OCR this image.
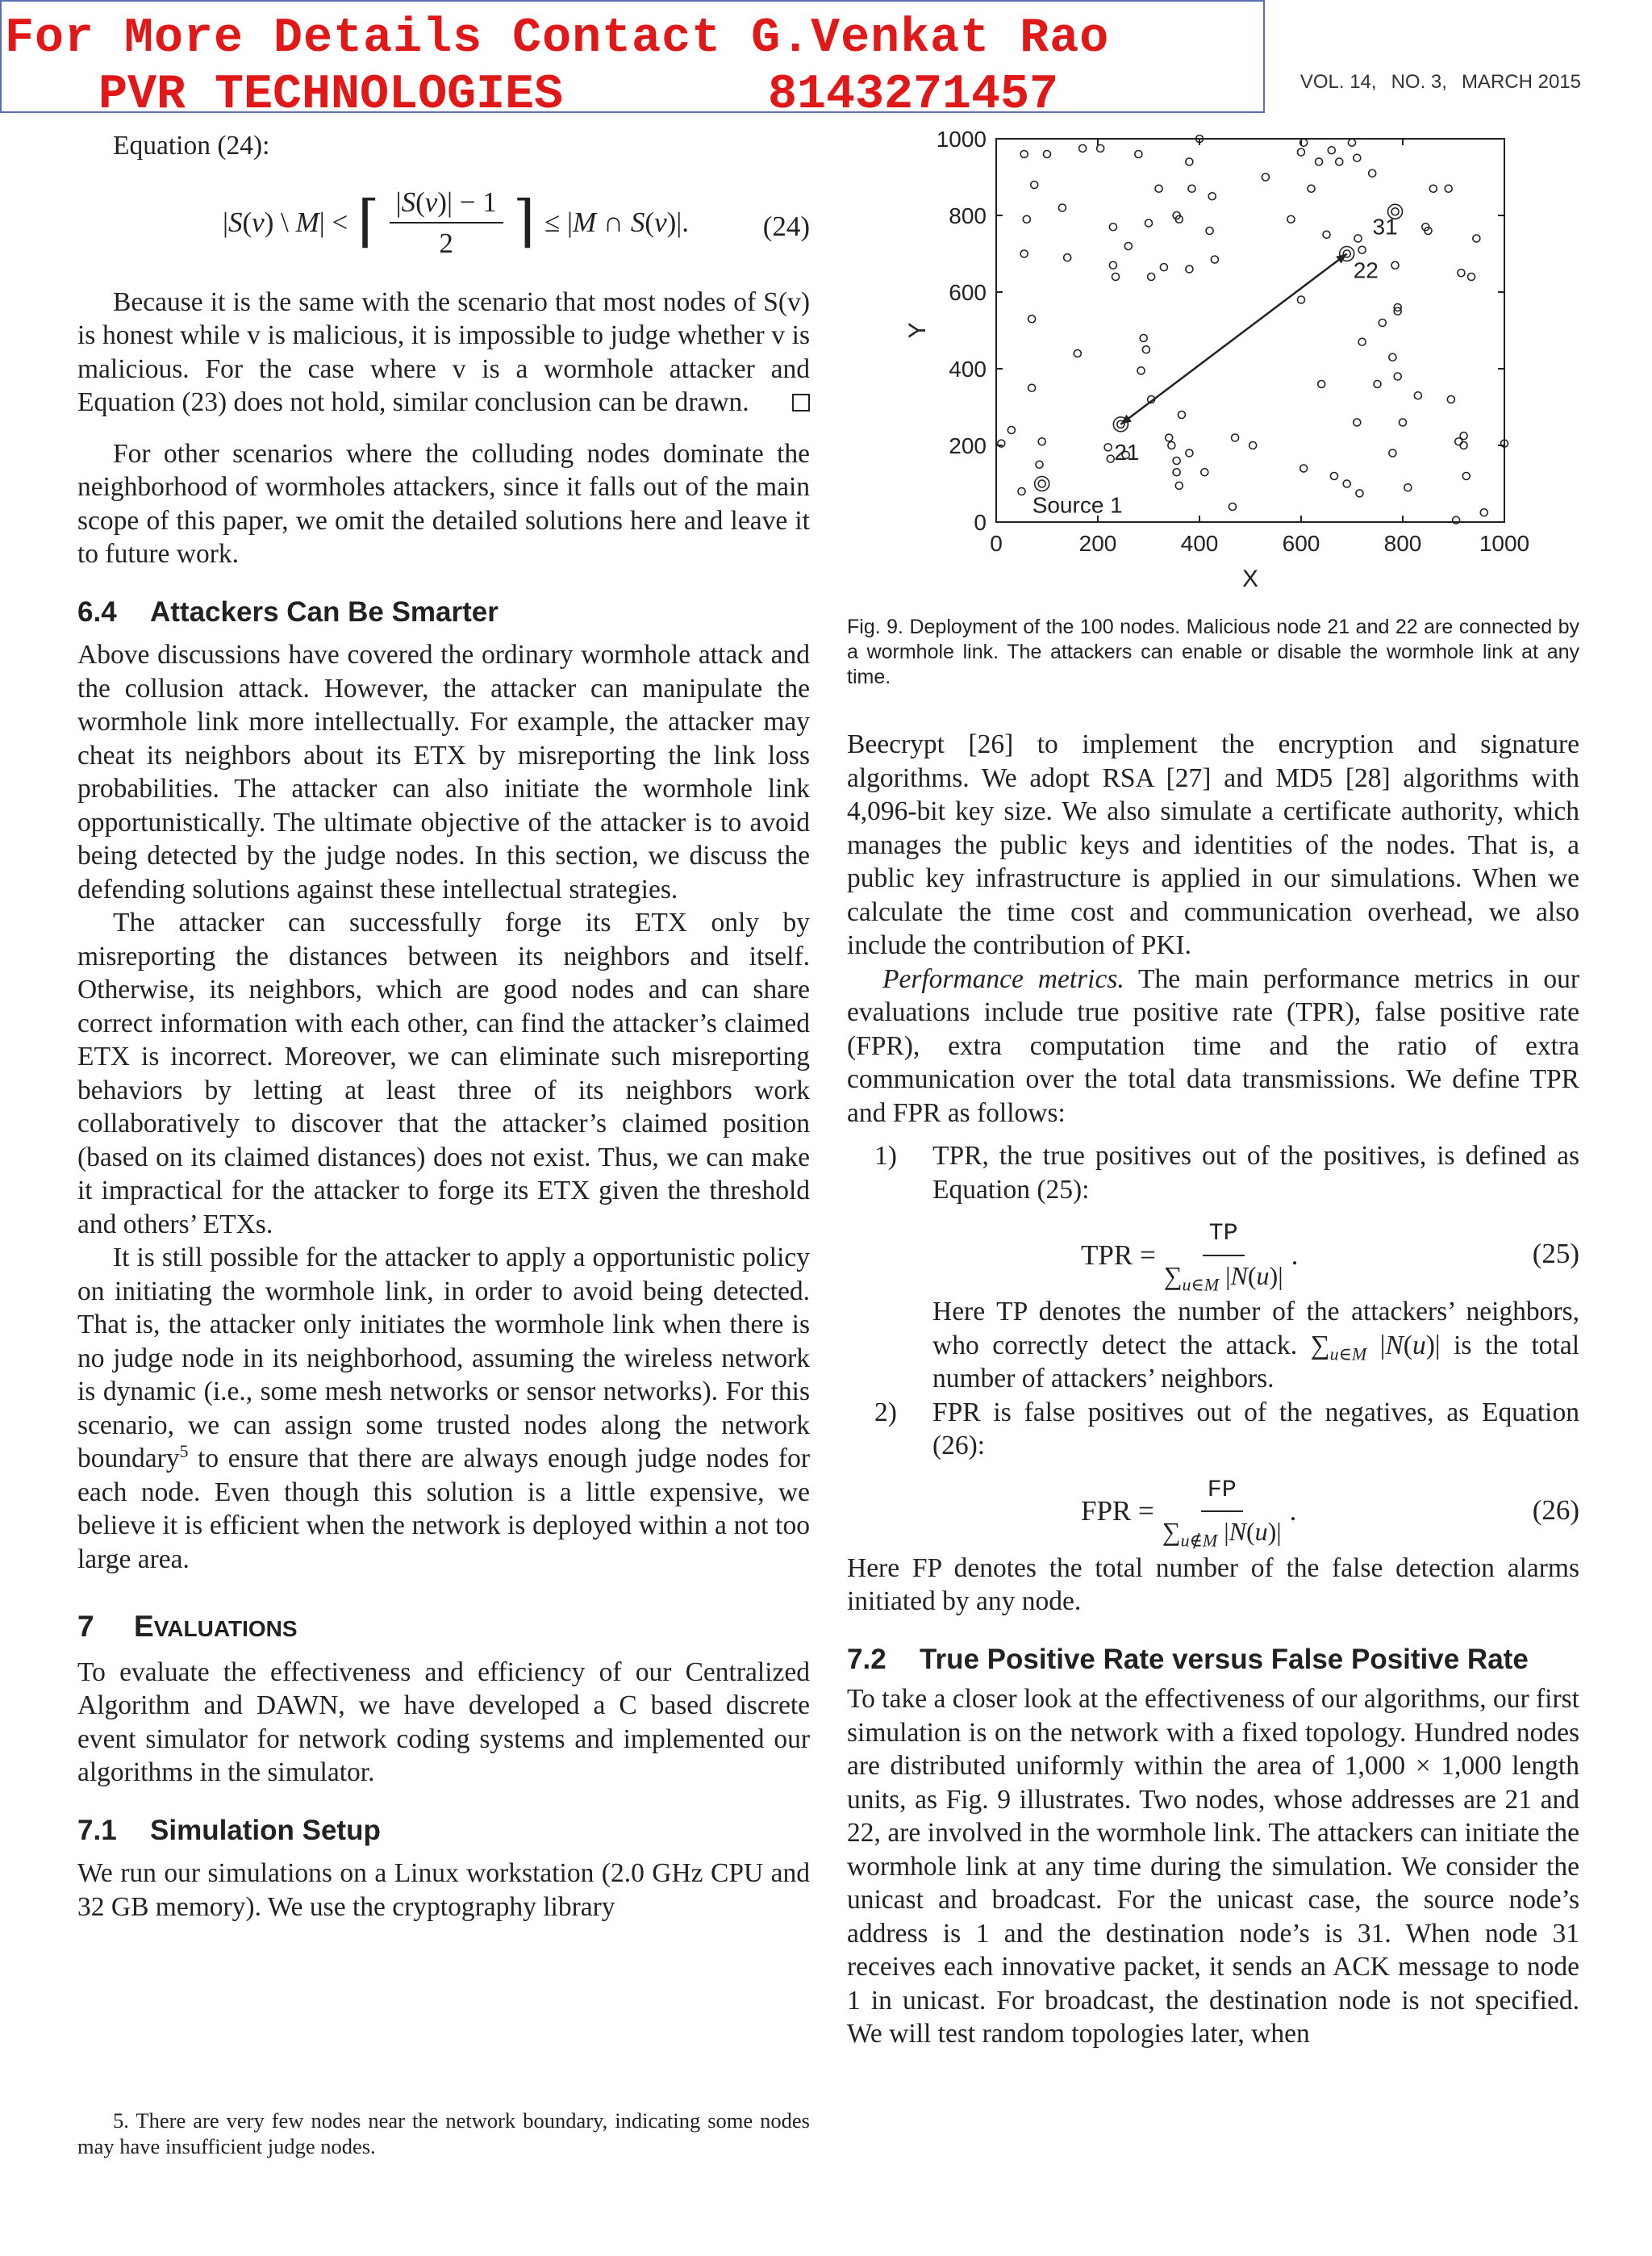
For More Details Contact G.Venkat Rao
PVR TECHNOLOGIES	8143271457	VOL. 14, NO. 3, MARCH 2015

Equation (24):

|S(v) \ M| < ⌈ $\frac{|S(v)| - 1}{2}$ ⌉ ≤ |M ∩ S(v)|.	(24)

Because it is the same with the scenario that most nodes of S(v) is honest while v is malicious, it is impossible to judge whether v is malicious. For the case where v is a wormhole attacker and Equation (23) does not hold, similar conclusion can be drawn.

For other scenarios where the colluding nodes dominate the neighborhood of wormholes attackers, since it falls out of the main scope of this paper, we omit the detailed solutions here and leave it to future work.

6.4 Attackers Can Be Smarter

Above discussions have covered the ordinary wormhole attack and the collusion attack. However, the attacker can manipulate the wormhole link more intellectually. For example, the attacker may cheat its neighbors about its ETX by misreporting the link loss probabilities. The attacker can also initiate the wormhole link opportunistically. The ultimate objective of the attacker is to avoid being detected by the judge nodes. In this section, we discuss the defending solutions against these intellectual strategies.

The attacker can successfully forge its ETX only by misreporting the distances between its neighbors and itself. Otherwise, its neighbors, which are good nodes and can share correct information with each other, can find the attacker’s claimed ETX is incorrect. Moreover, we can eliminate such misreporting behaviors by letting at least three of its neighbors work collaboratively to discover that the attacker’s claimed position (based on its claimed distances) does not exist. Thus, we can make it impractical for the attacker to forge its ETX given the threshold and others’ ETXs.

It is still possible for the attacker to apply a opportunistic policy on initiating the wormhole link, in order to avoid being detected. That is, the attacker only initiates the wormhole link when there is no judge node in its neighborhood, assuming the wireless network is dynamic (i.e., some mesh networks or sensor networks). For this scenario, we can assign some trusted nodes along the network boundary$^5$ to ensure that there are always enough judge nodes for each node. Even though this solution is a little expensive, we believe it is efficient when the network is deployed within a not too large area.

7 EVALUATIONS

To evaluate the effectiveness and efficiency of our Centralized Algorithm and DAWN, we have developed a C based discrete event simulator for network coding systems and implemented our algorithms in the simulator.

7.1 Simulation Setup

We run our simulations on a Linux workstation (2.0 GHz CPU and 32 GB memory). We use the cryptography library

5. There are very few nodes near the network boundary, indicating some nodes may have insufficient judge nodes.
0	200	400	600	800	1000
0
200
400
600
800
1000
X
Y
31
22
21
Source 1
Fig. 9. Deployment of the 100 nodes. Malicious node 21 and 22 are connected by a wormhole link. The attackers can enable or disable the wormhole link at any time.

Beecrypt [26] to implement the encryption and signature algorithms. We adopt RSA [27] and MD5 [28] algorithms with 4,096-bit key size. We also simulate a certificate authority, which manages the public keys and identities of the nodes. That is, a public key infrastructure is applied in our simulations. When we calculate the time cost and communication overhead, we also include the contribution of PKI.

Performance metrics. The main performance metrics in our evaluations include true positive rate (TPR), false positive rate (FPR), extra computation time and the ratio of extra communication over the total data transmissions. We define TPR and FPR as follows:

1) TPR, the true positives out of the positives, is defined as Equation (25):
TPR = $\frac{TP}{\sum_{u\in M} |N(u)|}$ .	(25)
Here TP denotes the number of the attackers’ neighbors, who correctly detect the attack. $\sum_{u\in M}$ |N(u)| is the total number of attackers’ neighbors.
2) FPR is false positives out of the negatives, as Equation (26):
FPR = $\frac{FP}{\sum_{u\notin M} |N(u)|}$ .	(26)

Here FP denotes the total number of the false detection alarms initiated by any node.

7.2 True Positive Rate versus False Positive Rate

To take a closer look at the effectiveness of our algorithms, our first simulation is on the network with a fixed topology. Hundred nodes are distributed uniformly within the area of 1,000 × 1,000 length units, as Fig. 9 illustrates. Two nodes, whose addresses are 21 and 22, are involved in the wormhole link. The attackers can initiate the wormhole link at any time during the simulation. We consider the unicast and broadcast. For the unicast case, the source node’s address is 1 and the destination node’s is 31. When node 31 receives each innovative packet, it sends an ACK message to node 1 in unicast. For broadcast, the destination node is not specified. We will test random topologies later, when
